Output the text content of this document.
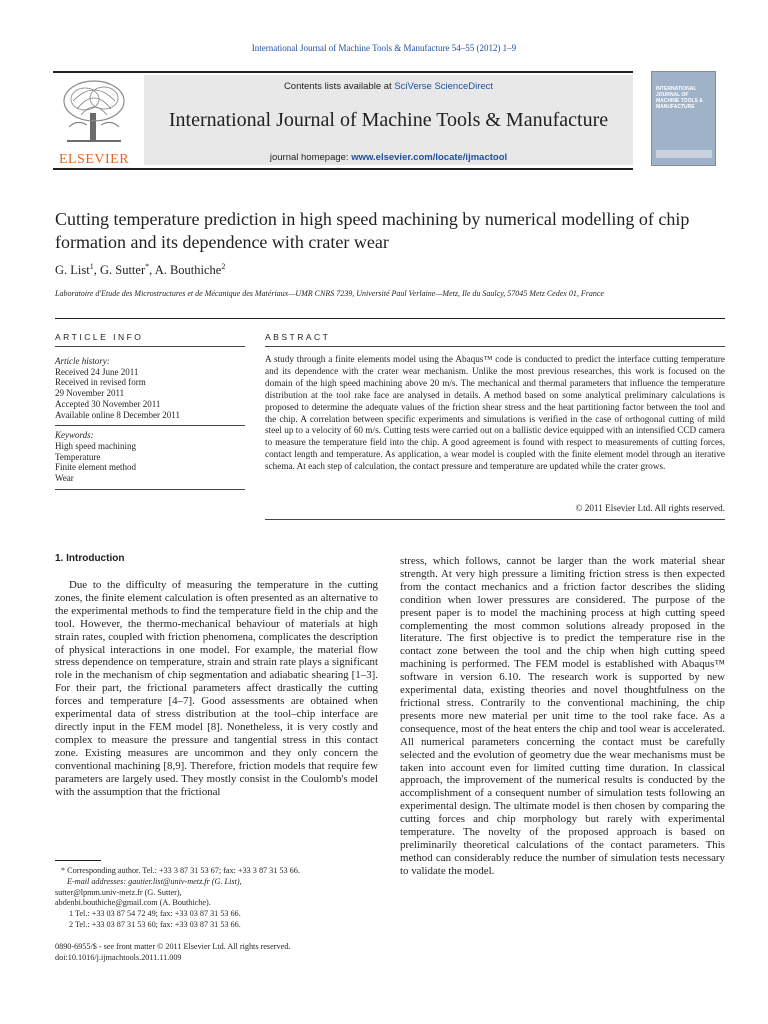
International Journal of Machine Tools & Manufacture 54–55 (2012) 1–9
ELSEVIER
Contents lists available at SciVerse ScienceDirect
International Journal of Machine Tools & Manufacture
journal homepage: www.elsevier.com/locate/ijmactool
INTERNATIONAL JOURNAL OF MACHINE TOOLS & MANUFACTURE
Cutting temperature prediction in high speed machining by numerical modelling of chip formation and its dependence with crater wear
G. List$^1$, G. Sutter*, A. Bouthiche$^2$
Laboratoire d'Etude des Microstructures et de Mécanique des Matériaux—UMR CNRS 7239, Université Paul Verlaine—Metz, Ile du Saulcy, 57045 Metz Cedex 01, France
ARTICLE INFO	ABSTRACT
Article history:
Received 24 June 2011
Received in revised form
29 November 2011
Accepted 30 November 2011
Available online 8 December 2011
Keywords:
High speed machining
Temperature
Finite element method
Wear
A study through a finite elements model using the Abaqus™ code is conducted to predict the interface cutting temperature and its dependence with the crater wear mechanism. Unlike the most previous researches, this work is focused on the domain of the high speed machining above 20 m/s. The mechanical and thermal parameters that influence the temperature distribution at the tool rake face are analysed in details. A method based on some analytical preliminary calculations is proposed to determine the adequate values of the friction shear stress and the heat partitioning factor between the tool and the chip. A correlation between specific experiments and simulations is verified in the case of orthogonal cutting of mild steel up to a velocity of 60 m/s. Cutting tests were carried out on a ballistic device equipped with an intensified CCD camera to measure the temperature field into the chip. A good agreement is found with respect to measurements of cutting forces, contact length and temperature. As application, a wear model is coupled with the finite element model through an iterative schema. At each step of calculation, the contact pressure and temperature are updated while the crater grows.
© 2011 Elsevier Ltd. All rights reserved.
1. Introduction
Due to the difficulty of measuring the temperature in the cutting zones, the finite element calculation is often presented as an alternative to the experimental methods to find the temperature field in the chip and the tool. However, the thermo-mechanical behaviour of materials at high strain rates, coupled with friction phenomena, complicates the description of physical interactions in one model. For example, the material flow stress dependence on temperature, strain and strain rate plays a significant role in the mechanism of chip segmentation and adiabatic shearing [1–3]. For their part, the frictional parameters affect drastically the cutting forces and temperature [4–7]. Good assessments are obtained when experimental data of stress distribution at the tool–chip interface are directly input in the FEM model [8]. Nonetheless, it is very costly and complex to measure the pressure and tangential stress in this contact zone. Existing measures are uncommon and they only concern the conventional machining [8,9]. Therefore, friction models that require few parameters are largely used. They mostly consist in the Coulomb's model with the assumption that the frictional
stress, which follows, cannot be larger than the work material shear strength. At very high pressure a limiting friction stress is then expected from the contact mechanics and a friction factor describes the sliding condition when lower pressures are considered. The purpose of the present paper is to model the machining process at high cutting speed complementing the most common solutions already proposed in the literature. The first objective is to predict the temperature rise in the contact zone between the tool and the chip when high cutting speed machining is performed. The FEM model is established with Abaqus™ software in version 6.10. The research work is supported by new experimental data, existing theories and novel thoughtfulness on the frictional stress. Contrarily to the conventional machining, the chip presents more new material per unit time to the tool rake face. As a consequence, most of the heat enters the chip and tool wear is accelerated. All numerical parameters concerning the contact must be carefully selected and the evolution of geometry due the wear mechanisms must be taken into account even for limited cutting time duration. In classical approach, the improvement of the numerical results is conducted by the accomplishment of a consequent number of simulation tests following an experimental design. The ultimate model is then chosen by comparing the cutting forces and chip morphology but rarely with experimental temperature. The novelty of the proposed approach is based on preliminarily theoretical calculations of the contact parameters. This method can considerably reduce the number of simulation tests necessary to validate the model.
* Corresponding author. Tel.: +33 3 87 31 53 67; fax: +33 3 87 31 53 66.
E-mail addresses: gautier.list@univ-metz.fr (G. List),
sutter@lpmm.univ-metz.fr (G. Sutter),
abdenbi.bouthiche@gmail.com (A. Bouthiche).
1 Tel.: +33 03 87 54 72 49; fax: +33 03 87 31 53 66.
2 Tel.: +33 03 87 31 53 60; fax: +33 03 87 31 53 66.
0890-6955/$ - see front matter © 2011 Elsevier Ltd. All rights reserved.
doi:10.1016/j.ijmachtools.2011.11.009
